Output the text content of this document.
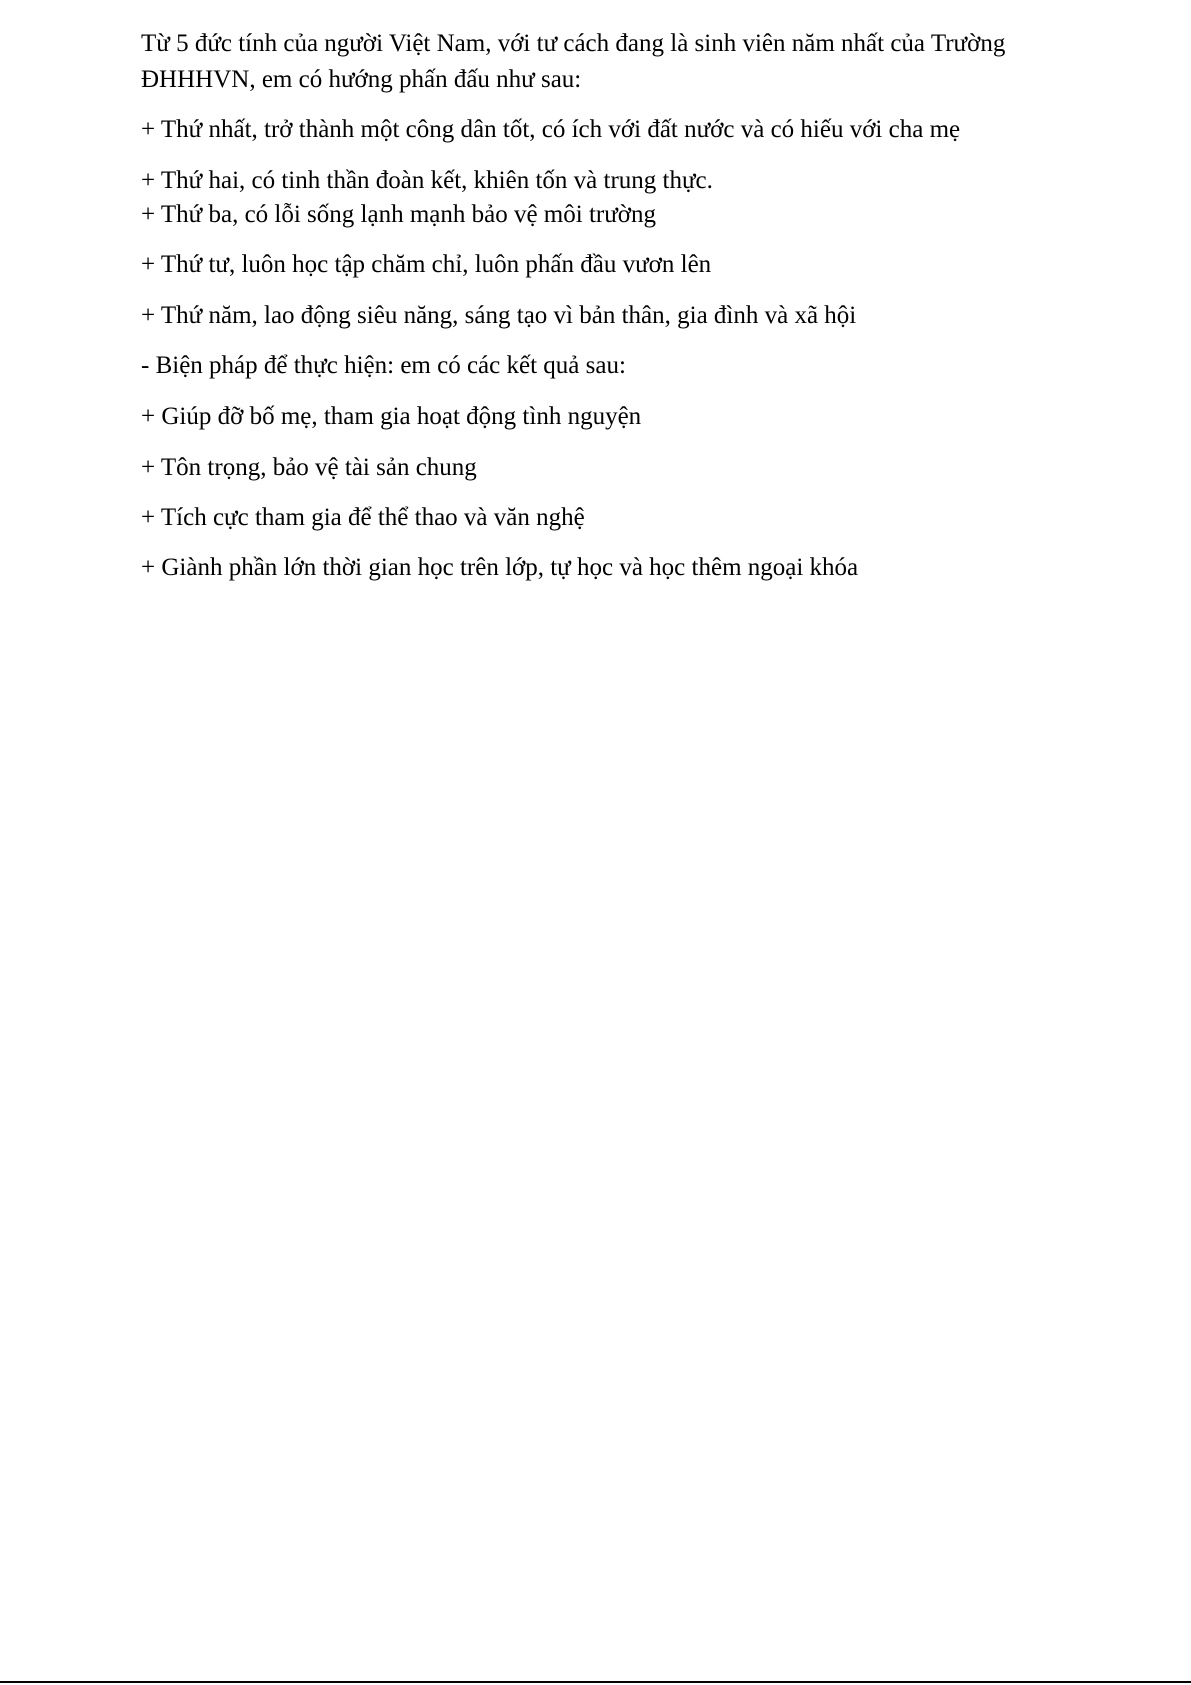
Từ 5 đức tính của người Việt Nam, với tư cách đang là sinh viên năm nhất của Trường

ĐHHHVN, em có hướng phấn đấu như sau:

+ Thứ nhất, trở thành một công dân tốt, có ích với đất nước và có hiếu với cha mẹ

+ Thứ hai, có tinh thần đoàn kết, khiên tốn và trung thực.

+ Thứ ba, có lỗi sống lạnh mạnh bảo vệ môi trường

+ Thứ tư, luôn học tập chăm chỉ, luôn phấn đầu vươn lên

+ Thứ năm, lao động siêu năng, sáng tạo vì bản thân, gia đình và xã hội

- Biện pháp để thực hiện: em có các kết quả sau:

+ Giúp đỡ bố mẹ, tham gia hoạt động tình nguyện

+ Tôn trọng, bảo vệ tài sản chung

+ Tích cực tham gia để thể thao và văn nghệ

+ Giành phần lớn thời gian học trên lớp, tự học và học thêm ngoại khóa
